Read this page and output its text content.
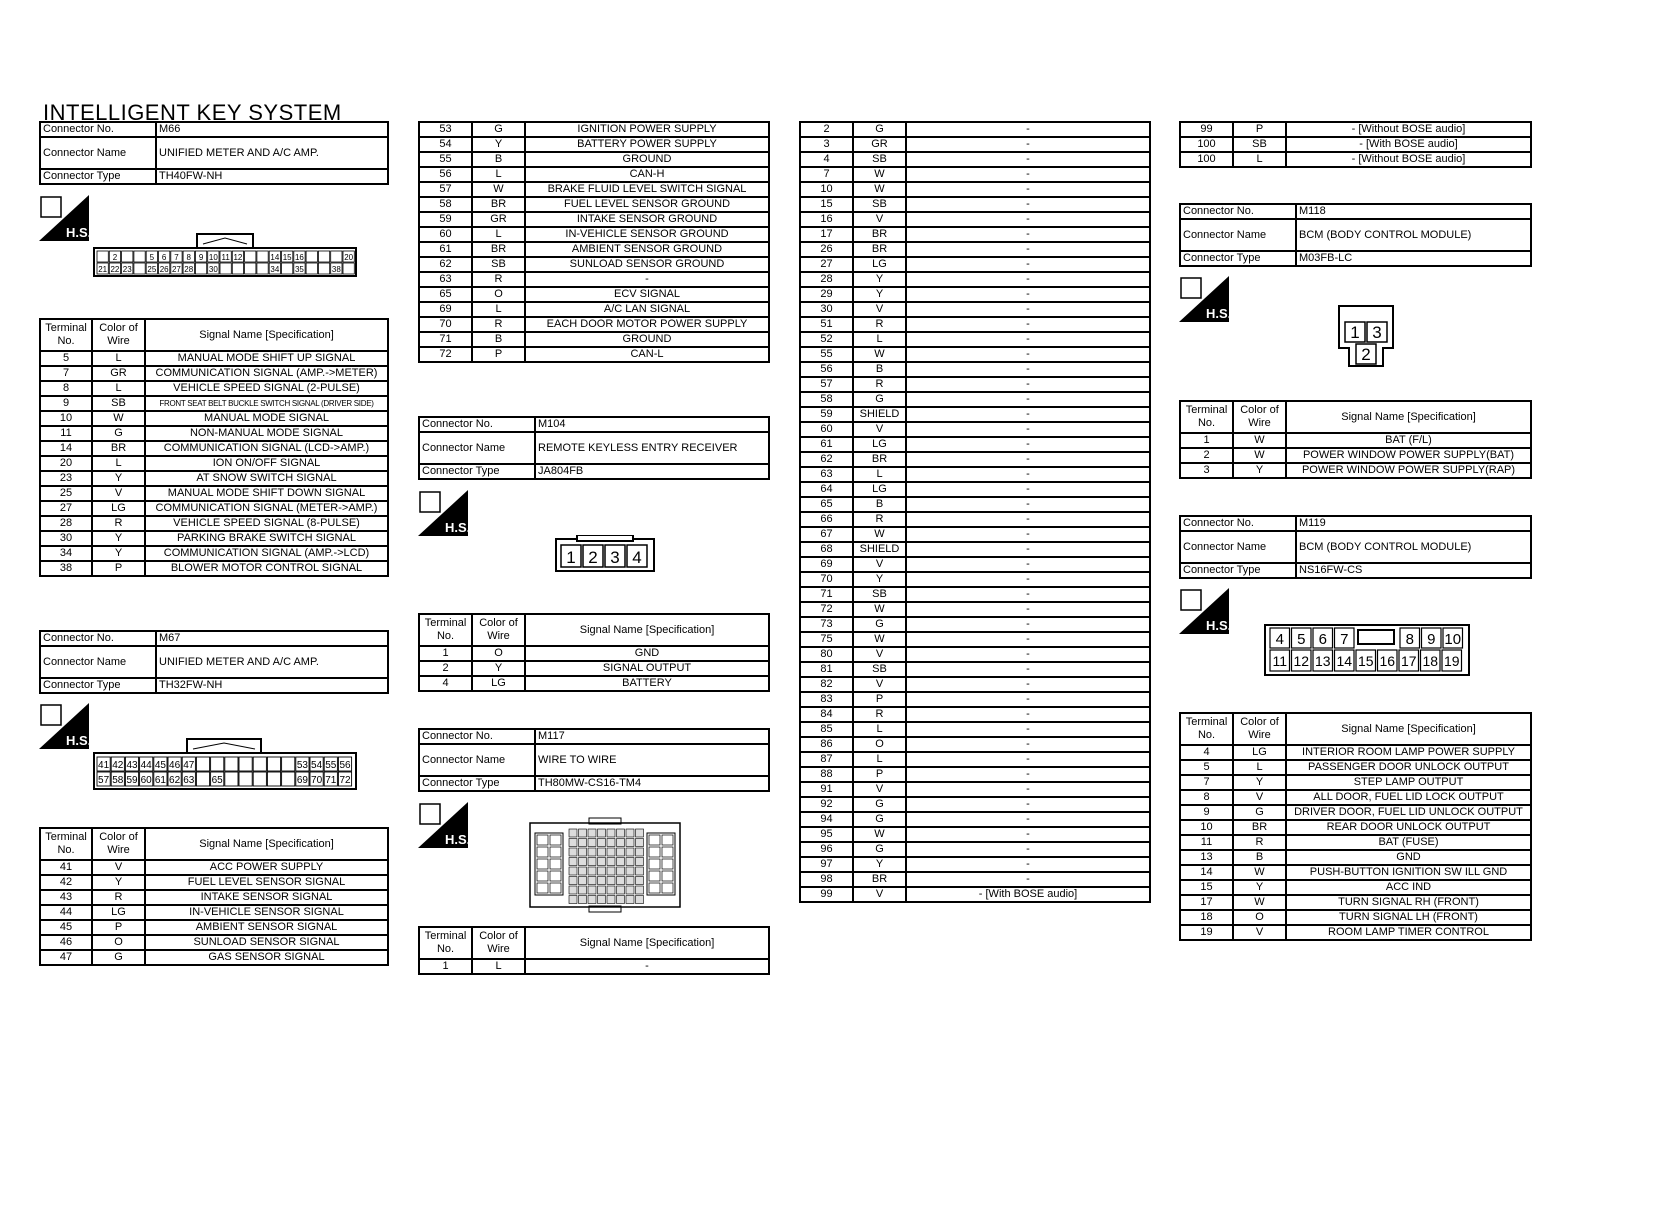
INTELLIGENT KEY SYSTEM
Connector No.	M66
Connector Name	UNIFIED METER AND A/C AMP.
Connector Type	TH40FW-NH
H.S.
2	5 6 7 8 9 10 11 12	14 15 16	20
21 22 23 25 26 27 28 30	34 35	38
Terminal No.	Color of Wire	Signal Name [Specification]
5	L	MANUAL MODE SHIFT UP SIGNAL
7	GR	COMMUNICATION SIGNAL (AMP.->METER)
8	L	VEHICLE SPEED SIGNAL (2-PULSE)
9	SB	FRONT SEAT BELT BUCKLE SWITCH SIGNAL (DRIVER SIDE)
10	W	MANUAL MODE SIGNAL
11	G	NON-MANUAL MODE SIGNAL
14	BR	COMMUNICATION SIGNAL (LCD->AMP.)
20	L	ION ON/OFF SIGNAL
23	Y	AT SNOW SWITCH SIGNAL
25	V	MANUAL MODE SHIFT DOWN SIGNAL
27	LG	COMMUNICATION SIGNAL (METER->AMP.)
28	R	VEHICLE SPEED SIGNAL (8-PULSE)
30	Y	PARKING BRAKE SWITCH SIGNAL
34	Y	COMMUNICATION SIGNAL (AMP.->LCD)
38	P	BLOWER MOTOR CONTROL SIGNAL
Connector No.	M67
Connector Name	UNIFIED METER AND A/C AMP.
Connector Type	TH32FW-NH
H.S.
41 42 43 44 45 46 47	53 54 55 56
57 58 59 60 61 62 63 65	69 70 71 72
Terminal No.	Color of Wire	Signal Name [Specification]
41	V	ACC POWER SUPPLY
42	Y	FUEL LEVEL SENSOR SIGNAL
43	R	INTAKE SENSOR SIGNAL
44	LG	IN-VEHICLE SENSOR SIGNAL
45	P	AMBIENT SENSOR SIGNAL
46	O	SUNLOAD SENSOR SIGNAL
47	G	GAS SENSOR SIGNAL
53	G	IGNITION POWER SUPPLY
54	Y	BATTERY POWER SUPPLY
55	B	GROUND
56	L	CAN-H
57	W	BRAKE FLUID LEVEL SWITCH SIGNAL
58	BR	FUEL LEVEL SENSOR GROUND
59	GR	INTAKE SENSOR GROUND
60	L	IN-VEHICLE SENSOR GROUND
61	BR	AMBIENT SENSOR GROUND
62	SB	SUNLOAD SENSOR GROUND
63	R	-
65	O	ECV SIGNAL
69	L	A/C LAN SIGNAL
70	R	EACH DOOR MOTOR POWER SUPPLY
71	B	GROUND
72	P	CAN-L
Connector No.	M104
Connector Name	REMOTE KEYLESS ENTRY RECEIVER
Connector Type	JA804FB
H.S.
1 2 3 4
Terminal No.	Color of Wire	Signal Name [Specification]
1	O	GND
2	Y	SIGNAL OUTPUT
4	LG	BATTERY
Connector No.	M117
Connector Name	WIRE TO WIRE
Connector Type	TH80MW-CS16-TM4
H.S.
Terminal No.	Color of Wire	Signal Name [Specification]
1	L	-
2	G	-
3	GR	-
4	SB	-
7	W	-
10	W	-
15	SB	-
16	V	-
17	BR	-
26	BR	-
27	LG	-
28	Y	-
29	Y	-
30	V	-
51	R	-
52	L	-
55	W	-
56	B	-
57	R	-
58	G	-
59	SHIELD	-
60	V	-
61	LG	-
62	BR	-
63	L	-
64	LG	-
65	B	-
66	R	-
67	W	-
68	SHIELD	-
69	V	-
70	Y	-
71	SB	-
72	W	-
73	G	-
75	W	-
80	V	-
81	SB	-
82	V	-
83	P	-
84	R	-
85	L	-
86	O	-
87	L	-
88	P	-
91	V	-
92	G	-
94	G	-
95	W	-
96	G	-
97	Y	-
98	BR	-
99	V	- [With BOSE audio]
99	P	- [Without BOSE audio]
100	SB	- [With BOSE audio]
100	L	- [Without BOSE audio]
Connector No.	M118
Connector Name	BCM (BODY CONTROL MODULE)
Connector Type	M03FB-LC
H.S.
1 3
2
Terminal No.	Color of Wire	Signal Name [Specification]
1	W	BAT (F/L)
2	W	POWER WINDOW POWER SUPPLY(BAT)
3	Y	POWER WINDOW POWER SUPPLY(RAP)
Connector No.	M119
Connector Name	BCM (BODY CONTROL MODULE)
Connector Type	NS16FW-CS
H.S.
4 5 6 7	8 9 10
11 12 13 14 15 16 17 18 19
Terminal No.	Color of Wire	Signal Name [Specification]
4	LG	INTERIOR ROOM LAMP POWER SUPPLY
5	L	PASSENGER DOOR UNLOCK OUTPUT
7	Y	STEP LAMP OUTPUT
8	V	ALL DOOR, FUEL LID LOCK OUTPUT
9	G	DRIVER DOOR, FUEL LID UNLOCK OUTPUT
10	BR	REAR DOOR UNLOCK OUTPUT
11	R	BAT (FUSE)
13	B	GND
14	W	PUSH-BUTTON IGNITION SW ILL GND
15	Y	ACC IND
17	W	TURN SIGNAL RH (FRONT)
18	O	TURN SIGNAL LH (FRONT)
19	V	ROOM LAMP TIMER CONTROL
